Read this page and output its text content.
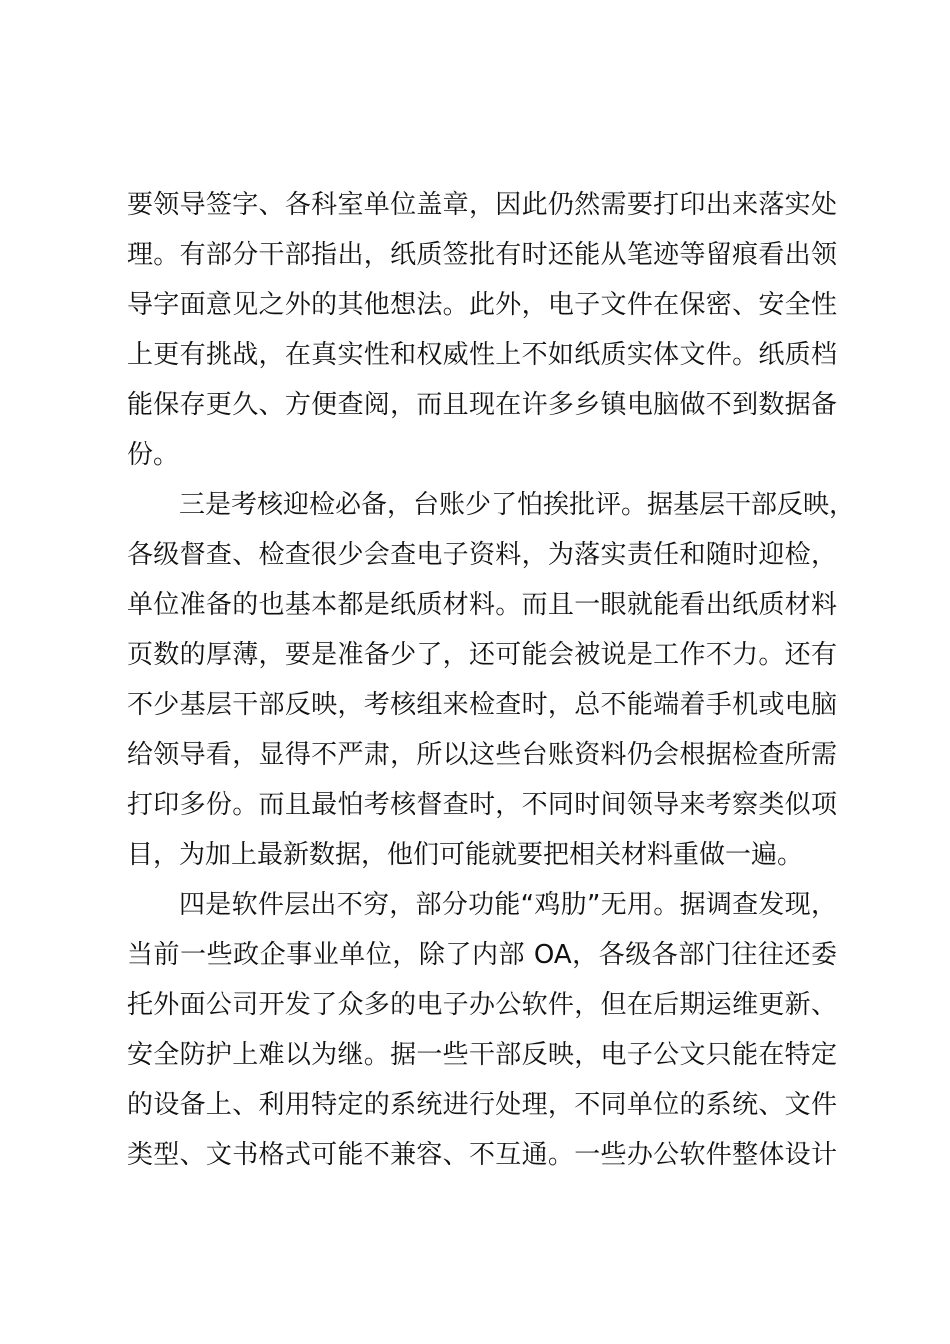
要领导签字、各科室单位盖章，因此仍然需要打印出来落实处
理。有部分干部指出，纸质签批有时还能从笔迹等留痕看出领
导字面意见之外的其他想法。此外，电子文件在保密、安全性
上更有挑战，在真实性和权威性上不如纸质实体文件。纸质档
能保存更久、方便查阅，而且现在许多乡镇电脑做不到数据备
份。
三是考核迎检必备，台账少了怕挨批评。据基层干部反映，
各级督查、检查很少会查电子资料，为落实责任和随时迎检，
单位准备的也基本都是纸质材料。而且一眼就能看出纸质材料
页数的厚薄，要是准备少了，还可能会被说是工作不力。还有
不少基层干部反映，考核组来检查时，总不能端着手机或电脑
给领导看，显得不严肃，所以这些台账资料仍会根据检查所需
打印多份。而且最怕考核督查时，不同时间领导来考察类似项
目，为加上最新数据，他们可能就要把相关材料重做一遍。
四是软件层出不穷，部分功能“鸡肋”无用。据调查发现，
当前一些政企事业单位，除了内部 OA，各级各部门往往还委
托外面公司开发了众多的电子办公软件，但在后期运维更新、
安全防护上难以为继。据一些干部反映，电子公文只能在特定
的设备上、利用特定的系统进行处理，不同单位的系统、文件
类型、文书格式可能不兼容、不互通。一些办公软件整体设计
